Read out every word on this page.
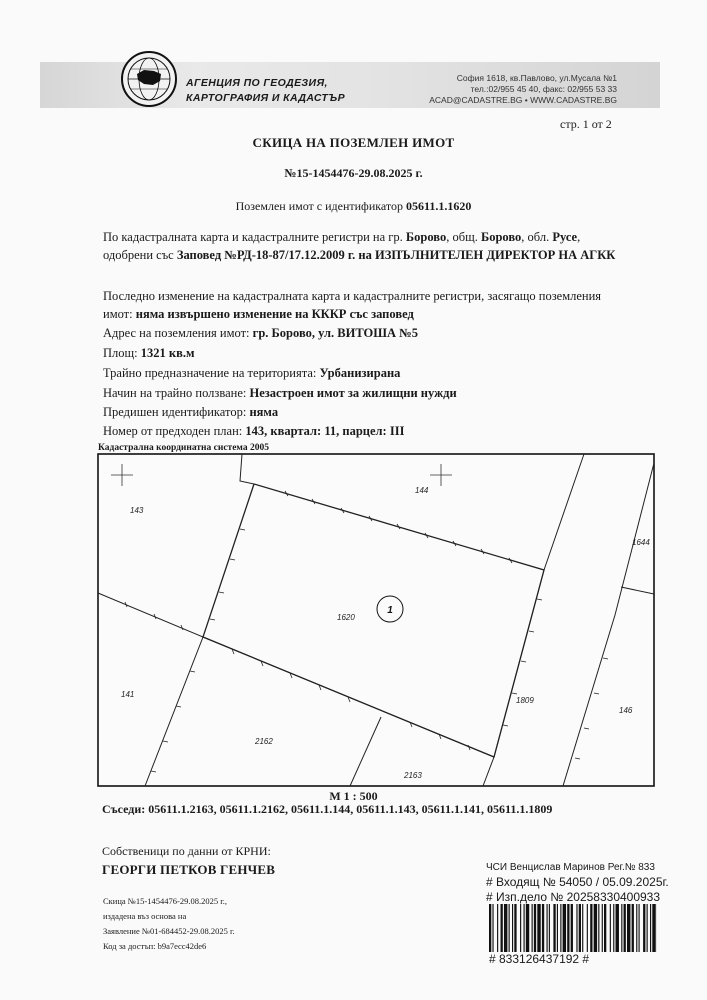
АГЕНЦИЯ ПО ГЕОДЕЗИЯ,
КАРТОГРАФИЯ И КАДАСТЪР
София 1618, кв.Павлово, ул.Мусала №1
тел.:02/955 45 40, факс: 02/955 53 33
ACAD@CADASTRE.BG • WWW.CADASTRE.BG
стр. 1 от 2
СКИЦА НА ПОЗЕМЛЕН ИМОТ
№15-1454476-29.08.2025 г.
Поземлен имот с идентификатор 05611.1.1620

По кадастралната карта и кадастралните регистри на гр. Борово, общ. Борово, обл. Русе,
одобрени със Заповед №РД-18-87/17.12.2009 г. на ИЗПЪЛНИТЕЛЕН ДИРЕКТОР НА АГКК

Последно изменение на кадастралната карта и кадастралните регистри, засягащо поземления
имот: няма извършено изменение на КККР със заповед

Адрес на поземления имот: гр. Борово, ул. ВИТОША №5
Площ: 1321 кв.м
Трайно предназначение на територията: Урбанизирана
Начин на трайно ползване: Незастроен имот за жилищни нужди
Предишен идентификатор: няма
Номер от предходен план: 143, квартал: 11, парцел: III
Кадастрална координатна система 2005
143
144
1644
1620
141
1809
146
2162
2163
1
М 1 : 500
Съседи: 05611.1.2163, 05611.1.2162, 05611.1.144, 05611.1.143, 05611.1.141, 05611.1.1809
Собственици по данни от КРНИ:
ГЕОРГИ ПЕТКОВ ГЕНЧЕВ
Скица №15-1454476-29.08.2025 г.,
издадена въз основа на
Заявление №01-684452-29.08.2025 г.
Код за достъп: b9a7ecc42de6
ЧСИ Венцислав Маринов Рег.№ 833
# Входящ № 54050 / 05.09.2025г.
# Изп.дело № 20258330400933
# 833126437192 #
